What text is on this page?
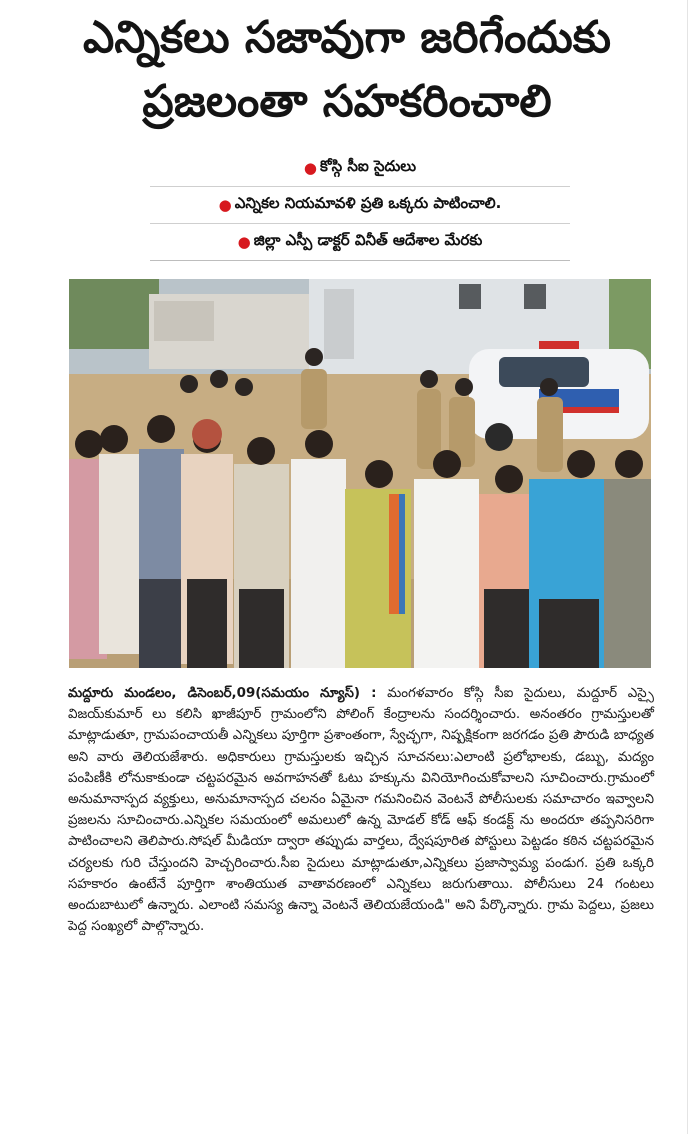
ఎన్నికలు సజావుగా జరిగేందుకు
ప్రజలంతా సహకరించాలి
● కోస్గి సీఐ సైదులు
● ఎన్నికల నియమావళి ప్రతి ఒక్కరు పాటించాలి.
● జిల్లా ఎస్పీ డాక్టర్ వినీత్ ఆదేశాల మేరకు
మద్దూరు మండలం, డిసెంబర్,09(సమయం న్యూస్) : మంగళవారం కోస్గి సీఐ సైదులు, మద్దూర్ ఎస్సై విజయ్‌కుమార్ లు కలిసి ఖాజీపూర్ గ్రామంలోని పోలింగ్ కేంద్రాలను సందర్శించారు. అనంతరం గ్రామస్తులతో మాట్లాడుతూ, గ్రామపంచాయతీ ఎన్నికలు పూర్తిగా ప్రశాంతంగా, స్వేచ్ఛగా, నిష్పక్షికంగా జరగడం ప్రతి పౌరుడి బాధ్యత అని వారు తెలియజేశారు. అధికారులు గ్రామస్తులకు ఇచ్చిన సూచనలు:ఎలాంటి ప్రలోభాలకు, డబ్బు, మద్యం పంపిణీకి లోనుకాకుండా చట్టపరమైన అవగాహనతో ఓటు హక్కును వినియోగించుకోవాలని సూచించారు.గ్రామంలో అనుమానాస్పద వ్యక్తులు, అనుమానాస్పద చలనం ఏమైనా గమనించిన వెంటనే పోలీసులకు సమాచారం ఇవ్వాలని ప్రజలను సూచించారు.ఎన్నికల సమయంలో అమలులో ఉన్న మోడల్ కోడ్ ఆఫ్ కండక్ట్ ను అందరూ తప్పనిసరిగా పాటించాలని తెలిపారు.సోషల్ మీడియా ద్వారా తప్పుడు వార్తలు, ద్వేషపూరిత పోస్టులు పెట్టడం కఠిన చట్టపరమైన చర్యలకు గురి చేస్తుందని హెచ్చరించారు.సీఐ సైదులు మాట్లాడుతూ,ఎన్నికలు ప్రజాస్వామ్య పండుగ. ప్రతి ఒక్కరి సహకారం ఉంటేనే పూర్తిగా శాంతియుత వాతావరణంలో ఎన్నికలు జరుగుతాయి. పోలీసులు 24 గంటలు అందుబాటులో ఉన్నారు. ఎలాంటి సమస్య ఉన్నా వెంటనే తెలియజేయండి" అని పేర్కొన్నారు. గ్రామ పెద్దలు, ప్రజలు పెద్ద సంఖ్యలో పాల్గొన్నారు.
